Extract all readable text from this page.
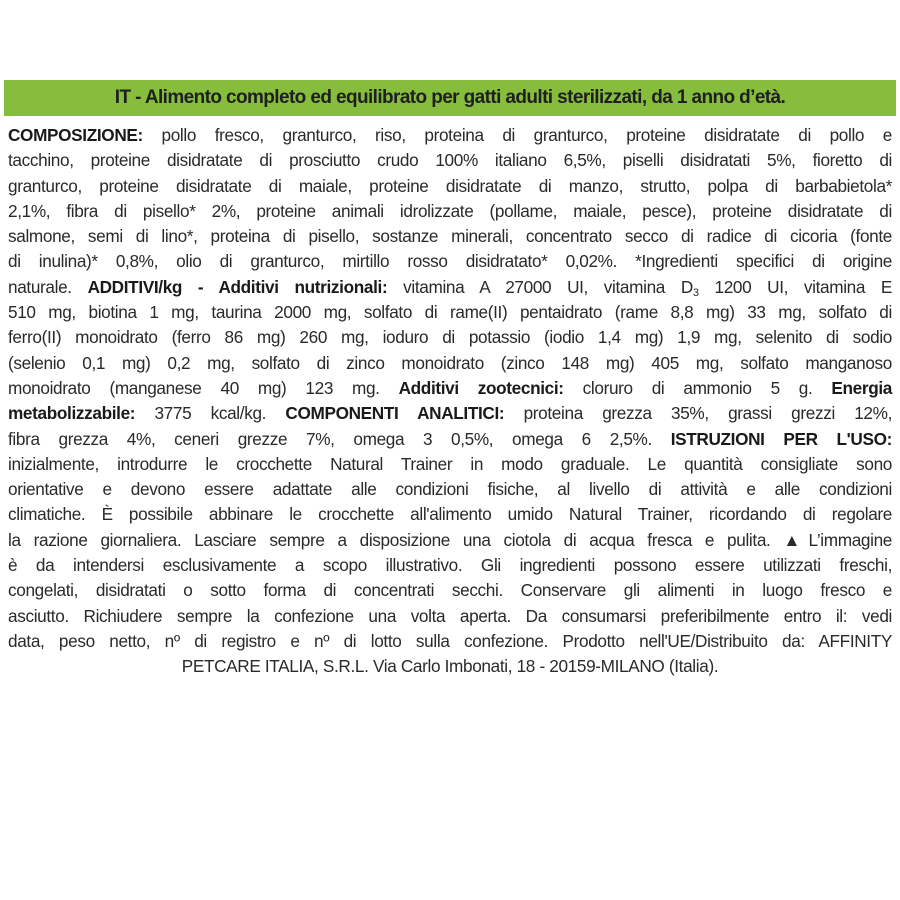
IT - Alimento completo ed equilibrato per gatti adulti sterilizzati, da 1 anno d’età.
COMPOSIZIONE: pollo fresco, granturco, riso, proteina di granturco, proteine disidratate di pollo e
tacchino, proteine disidratate di prosciutto crudo 100% italiano 6,5%, piselli disidratati 5%, fioretto di
granturco, proteine disidratate di maiale, proteine disidratate di manzo, strutto, polpa di barbabietola*
2,1%, fibra di pisello* 2%, proteine animali idrolizzate (pollame, maiale, pesce), proteine disidratate di
salmone, semi di lino*, proteina di pisello, sostanze minerali, concentrato secco di radice di cicoria (fonte
di inulina)* 0,8%, olio di granturco, mirtillo rosso disidratato* 0,02%. *Ingredienti specifici di origine
naturale. ADDITIVI/kg - Additivi nutrizionali: vitamina A 27000 UI, vitamina $D_3$ 1200 UI, vitamina E
510 mg, biotina 1 mg, taurina 2000 mg, solfato di rame(II) pentaidrato (rame 8,8 mg) 33 mg, solfato di
ferro(II) monoidrato (ferro 86 mg) 260 mg, ioduro di potassio (iodio 1,4 mg) 1,9 mg, selenito di sodio
(selenio 0,1 mg) 0,2 mg, solfato di zinco monoidrato (zinco 148 mg) 405 mg, solfato manganoso
monoidrato (manganese 40 mg) 123 mg. Additivi zootecnici: cloruro di ammonio 5 g. Energia
metabolizzabile: 3775 kcal/kg. COMPONENTI ANALITICI: proteina grezza 35%, grassi grezzi 12%,
fibra grezza 4%, ceneri grezze 7%, omega 3 0,5%, omega 6 2,5%. ISTRUZIONI PER L'USO:
inizialmente, introdurre le crocchette Natural Trainer in modo graduale. Le quantità consigliate sono
orientative e devono essere adattate alle condizioni fisiche, al livello di attività e alle condizioni
climatiche. È possibile abbinare le crocchette all'alimento umido Natural Trainer, ricordando di regolare
la razione giornaliera. Lasciare sempre a disposizione una ciotola di acqua fresca e pulita. ▲L’immagine
è da intendersi esclusivamente a scopo illustrativo. Gli ingredienti possono essere utilizzati freschi,
congelati, disidratati o sotto forma di concentrati secchi. Conservare gli alimenti in luogo fresco e
asciutto. Richiudere sempre la confezione una volta aperta. Da consumarsi preferibilmente entro il: vedi
data, peso netto, nº di registro e nº di lotto sulla confezione. Prodotto nell'UE/Distribuito da: AFFINITY
PETCARE ITALIA, S.R.L. Via Carlo Imbonati, 18 - 20159-MILANO (Italia).
